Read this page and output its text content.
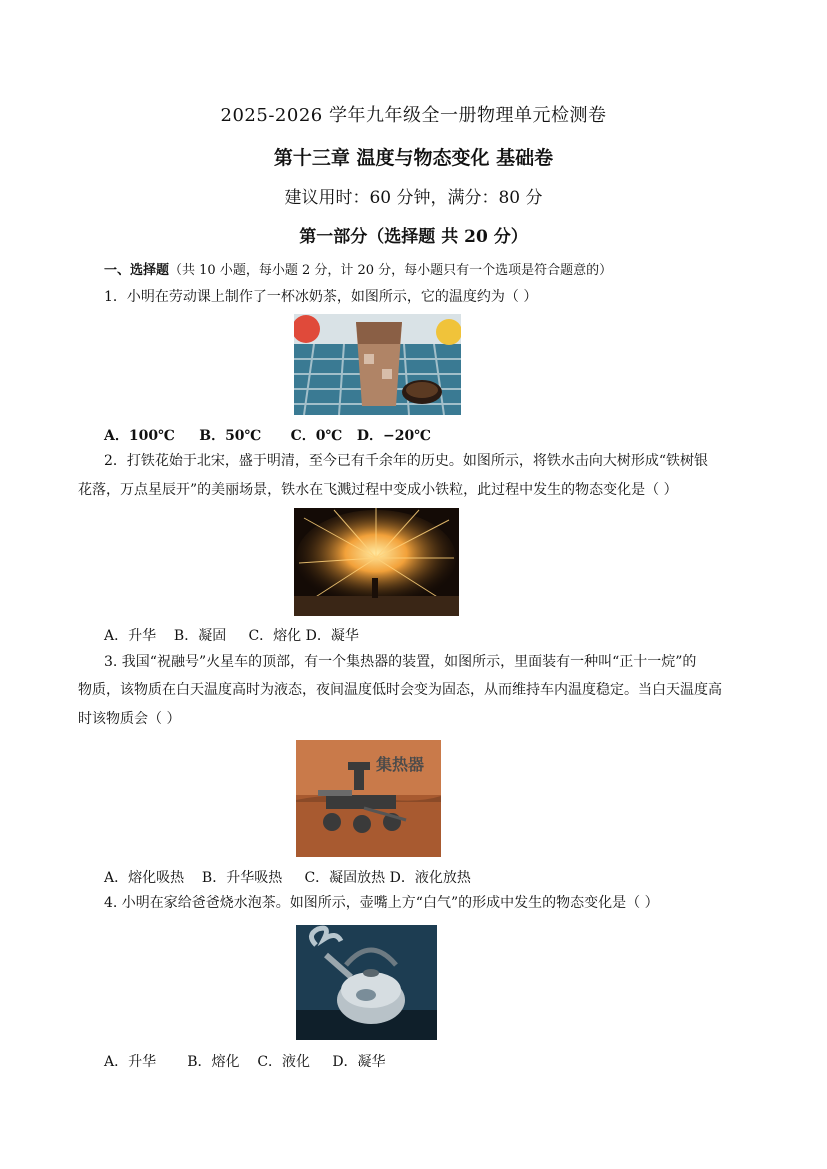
2025-2026 学年九年级全一册物理单元检测卷
第十三章 温度与物态变化 基础卷
建议用时：60 分钟，满分：80 分
第一部分（选择题 共 20 分）
一、选择题（共 10 小题，每小题 2 分，计 20 分，每小题只有一个选项是符合题意的）
1．小明在劳动课上制作了一杯冰奶茶，如图所示，它的温度约为（ ）
A．100℃     B．50℃      C．0℃   D．−20℃
2．打铁花始于北宋，盛于明清，至今已有千余年的历史。如图所示，将铁水击向大树形成“铁树银
花落，万点星辰开”的美丽场景，铁水在飞溅过程中变成小铁粒，此过程中发生的物态变化是（ ）
A．升华    B．凝固     C．熔化 D．凝华
3. 我国“祝融号”火星车的顶部，有一个集热器的装置，如图所示，里面装有一种叫“正十一烷”的
物质，该物质在白天温度高时为液态，夜间温度低时会变为固态，从而维持车内温度稳定。当白天温度高
时该物质会（ ）
集热器
A．熔化吸热    B．升华吸热     C．凝固放热 D．液化放热
4. 小明在家给爸爸烧水泡茶。如图所示，壶嘴上方“白气”的形成中发生的物态变化是（ ）
A．升华       B．熔化    C．液化     D．凝华
